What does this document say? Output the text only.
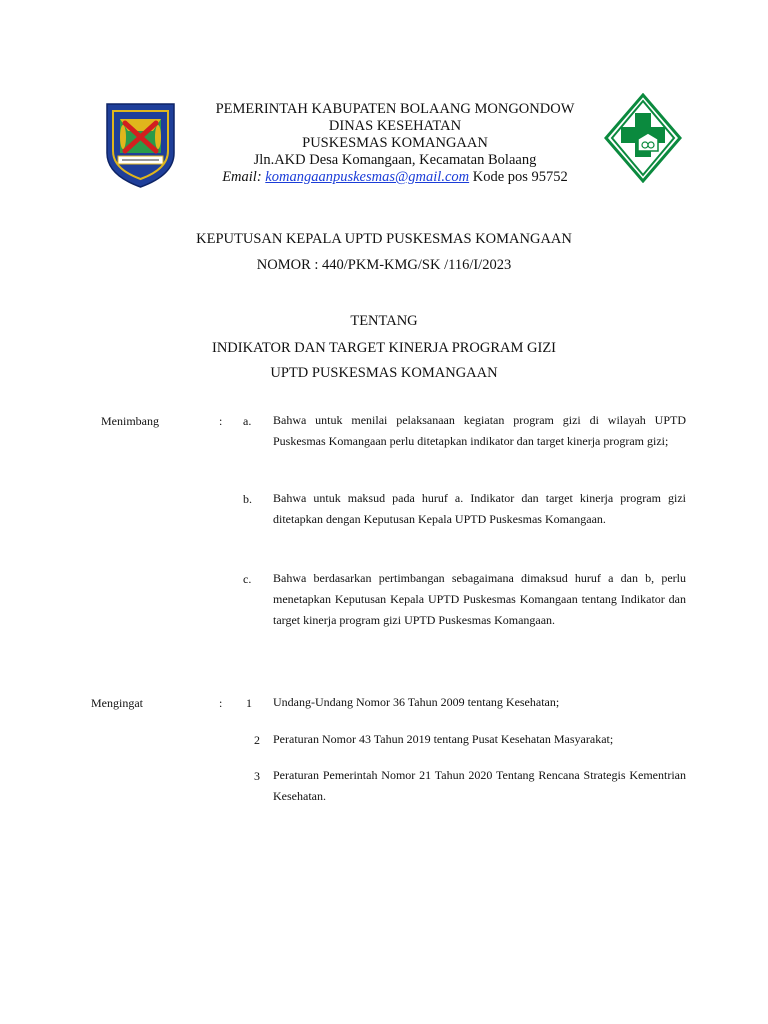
PEMERINTAH KABUPATEN BOLAANG MONGONDOW
DINAS KESEHATAN
PUSKESMAS KOMANGAAN
Jln.AKD Desa Komangaan, Kecamatan Bolaang
Email: komangaanpuskesmas@gmail.com Kode pos 95752
KEPUTUSAN KEPALA UPTD PUSKESMAS KOMANGAAN
NOMOR : 440/PKM-KMG/SK /116/I/2023
TENTANG
INDIKATOR DAN TARGET KINERJA PROGRAM GIZI
UPTD PUSKESMAS KOMANGAAN
Menimbang	: a. Bahwa untuk menilai pelaksanaan kegiatan program gizi di wilayah UPTD Puskesmas Komangaan perlu ditetapkan indikator dan target kinerja program gizi;
b. Bahwa untuk maksud pada huruf a. Indikator dan target kinerja program gizi ditetapkan dengan Keputusan Kepala UPTD Puskesmas Komangaan.
c. Bahwa berdasarkan pertimbangan sebagaimana dimaksud huruf a dan b, perlu menetapkan Keputusan Kepala UPTD Puskesmas Komangaan tentang Indikator dan target kinerja program gizi UPTD Puskesmas Komangaan.
Mengingat	: 1 Undang-Undang Nomor 36 Tahun 2009 tentang Kesehatan;
2 Peraturan Nomor 43 Tahun 2019 tentang Pusat Kesehatan Masyarakat;
3 Peraturan Pemerintah Nomor 21 Tahun 2020 Tentang Rencana Strategis Kementrian Kesehatan.
